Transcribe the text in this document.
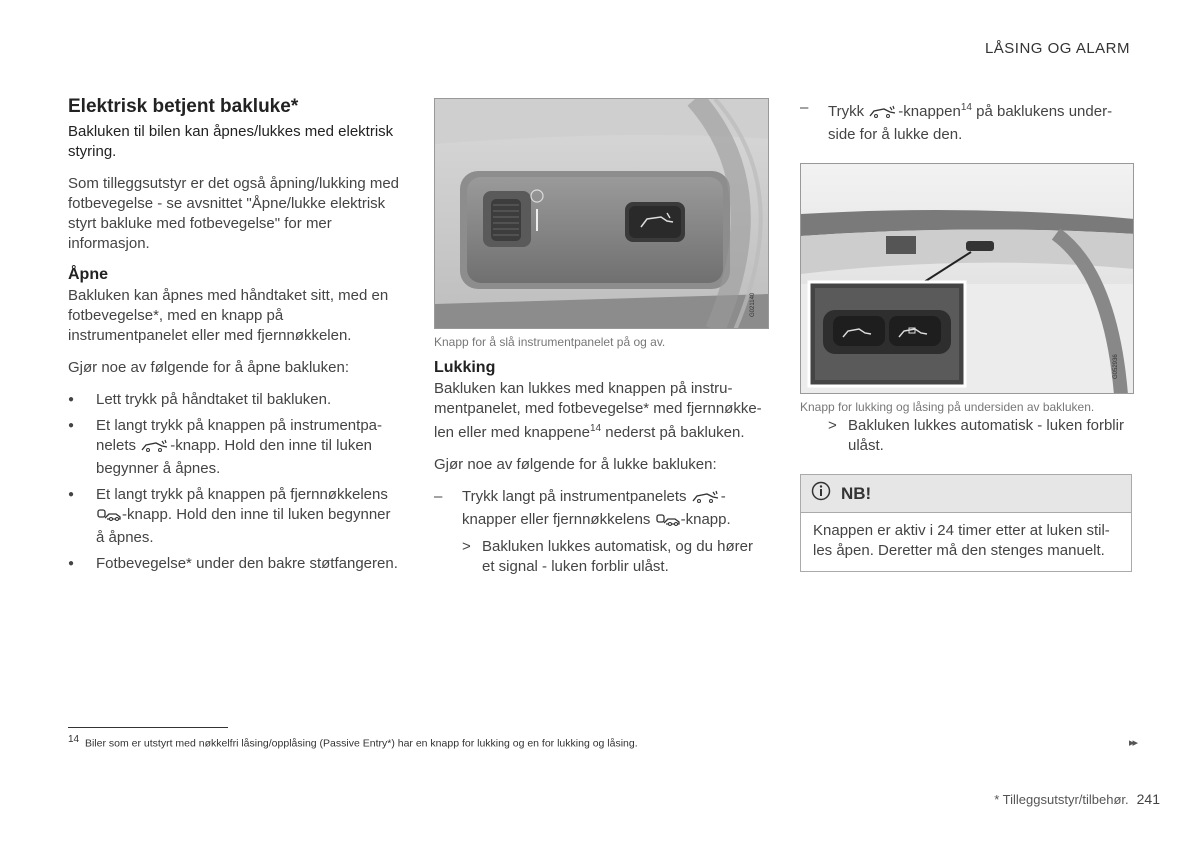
LÅSING OG ALARM
Elektrisk betjent bakluke*
Bakluken til bilen kan åpnes/lukkes med elektrisk styring.

Som tilleggsutstyr er det også åpning/lukking med fotbevegelse - se avsnittet "Åpne/lukke elektrisk styrt bakluke med fotbevegelse" for mer informasjon.

Åpne

Bakluken kan åpnes med håndtaket sitt, med en fotbevegelse*, med en knapp på instrumentpanelet eller med fjernnøkkelen.

Gjør noe av følgende for å åpne bakluken:

● Lett trykk på håndtaket til bakluken.
● Et langt trykk på knappen på instrumentpa-nelets -knapp. Hold den inne til luken begynner å åpnes.
● Et langt trykk på knappen på fjernnøkkelens
-knapp. Hold den inne til luken begynner å åpnes.
● Fotbevegelse* under den bakre støtfangeren.
G021140
Knapp for å slå instrumentpanelet på og av.
Lukking

Bakluken kan lukkes med knappen på instru-mentpanelet, med fotbevegelse* med fjernnøkke-len eller med knappene$^{14}$ nederst på bakluken.

Gjør noe av følgende for å lukke bakluken:

– Trykk langt på instrumentpanelets -knapper eller fjernnøkkelens -knapp.
> Bakluken lukkes automatisk, og du hører et signal - luken forblir ulåst.
– Trykk -knappen$^{14}$ på baklukens under-side for å lukke den.
G052936
Knapp for lukking og låsing på undersiden av bakluken.
> Bakluken lukkes automatisk - luken forblir ulåst.
NB!
Knappen er aktiv i 24 timer etter at luken stil-les åpen. Deretter må den stenges manuelt.
$^{14}$ Biler som er utstyrt med nøkkelfri låsing/opplåsing (Passive Entry*) har en knapp for lukking og en for lukking og låsing.	▸▸
* Tilleggsutstyr/tilbehør. 241
